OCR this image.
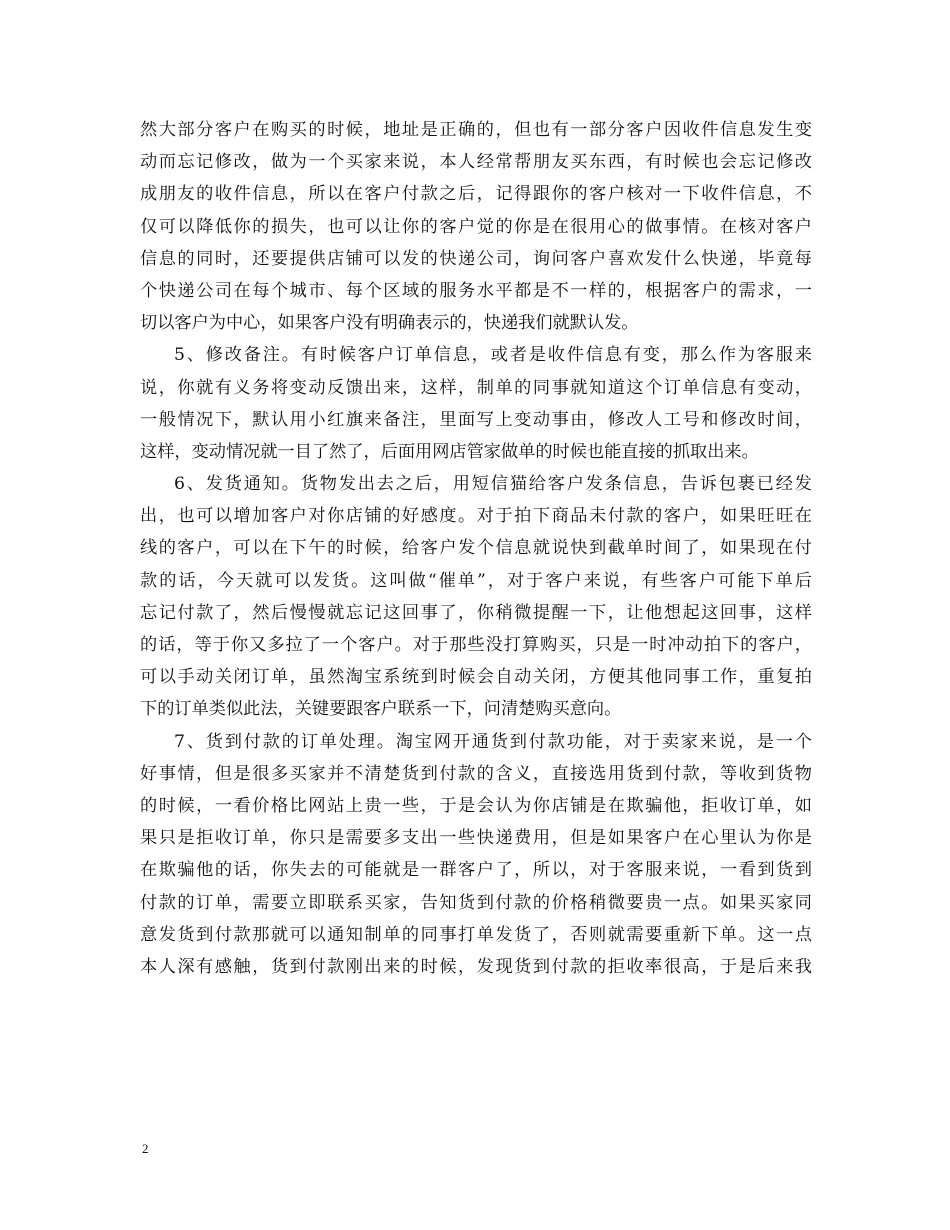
然大部分客户在购买的时候，地址是正确的，但也有一部分客户因收件信息发生变
动而忘记修改，做为一个买家来说，本人经常帮朋友买东西，有时候也会忘记修改
成朋友的收件信息，所以在客户付款之后，记得跟你的客户核对一下收件信息，不
仅可以降低你的损失，也可以让你的客户觉的你是在很用心的做事情。在核对客户
信息的同时，还要提供店铺可以发的快递公司，询问客户喜欢发什么快递，毕竟每
个快递公司在每个城市、每个区域的服务水平都是不一样的，根据客户的需求，一
切以客户为中心，如果客户没有明确表示的，快递我们就默认发。
5、修改备注。有时候客户订单信息，或者是收件信息有变，那么作为客服来
说，你就有义务将变动反馈出来，这样，制单的同事就知道这个订单信息有变动，
一般情况下，默认用小红旗来备注，里面写上变动事由，修改人工号和修改时间，
这样，变动情况就一目了然了，后面用网店管家做单的时候也能直接的抓取出来。
6、发货通知。货物发出去之后，用短信猫给客户发条信息，告诉包裹已经发
出，也可以增加客户对你店铺的好感度。对于拍下商品未付款的客户，如果旺旺在
线的客户，可以在下午的时候，给客户发个信息就说快到截单时间了，如果现在付
款的话，今天就可以发货。这叫做“催单”，对于客户来说，有些客户可能下单后
忘记付款了，然后慢慢就忘记这回事了，你稍微提醒一下，让他想起这回事，这样
的话，等于你又多拉了一个客户。对于那些没打算购买，只是一时冲动拍下的客户，
可以手动关闭订单，虽然淘宝系统到时候会自动关闭，方便其他同事工作，重复拍
下的订单类似此法，关键要跟客户联系一下，问清楚购买意向。
7、货到付款的订单处理。淘宝网开通货到付款功能，对于卖家来说，是一个
好事情，但是很多买家并不清楚货到付款的含义，直接选用货到付款，等收到货物
的时候，一看价格比网站上贵一些，于是会认为你店铺是在欺骗他，拒收订单，如
果只是拒收订单，你只是需要多支出一些快递费用，但是如果客户在心里认为你是
在欺骗他的话，你失去的可能就是一群客户了，所以，对于客服来说，一看到货到
付款的订单，需要立即联系买家，告知货到付款的价格稍微要贵一点。如果买家同
意发货到付款那就可以通知制单的同事打单发货了，否则就需要重新下单。这一点
本人深有感触，货到付款刚出来的时候，发现货到付款的拒收率很高，于是后来我
2
